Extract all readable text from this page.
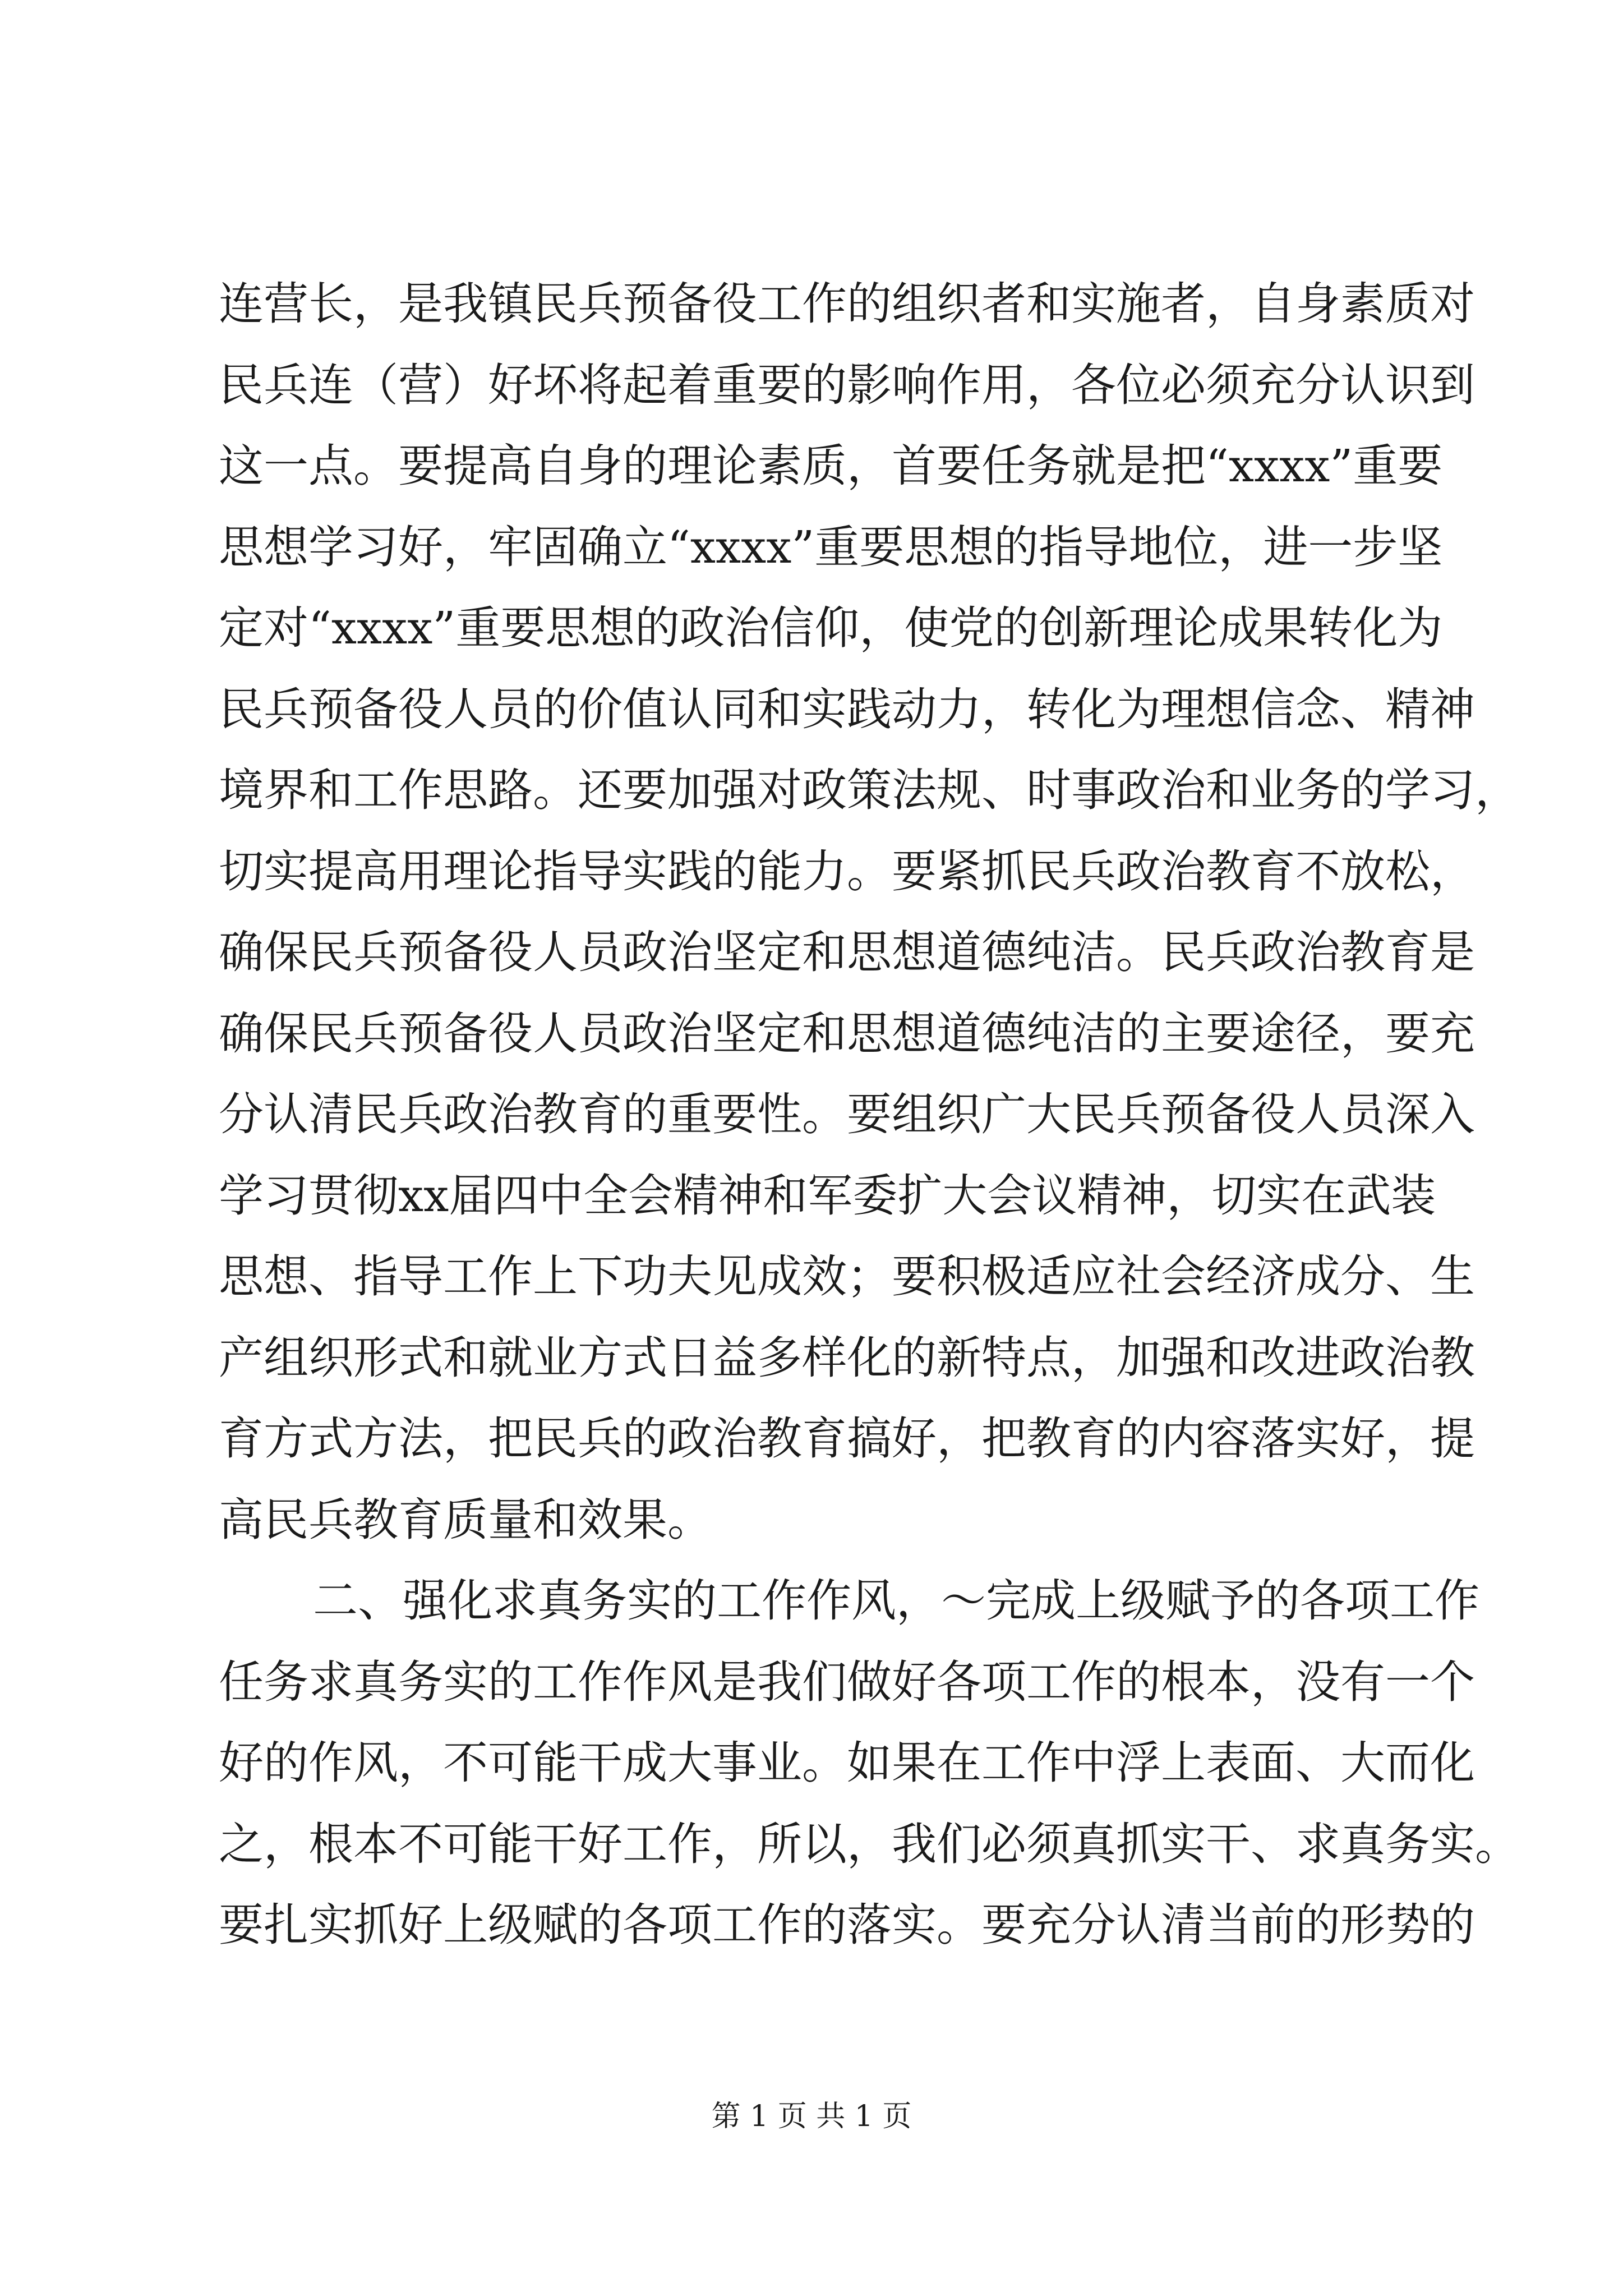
连营长，是我镇民兵预备役工作的组织者和实施者，自身素质对
民兵连（营）好坏将起着重要的影响作用，各位必须充分认识到
这一点。要提高自身的理论素质，首要任务就是把“xxxx”重要
思想学习好，牢固确立“xxxx”重要思想的指导地位，进一步坚
定对“xxxx”重要思想的政治信仰，使党的创新理论成果转化为
民兵预备役人员的价值认同和实践动力，转化为理想信念、精神
境界和工作思路。还要加强对政策法规、时事政治和业务的学习，
切实提高用理论指导实践的能力。要紧抓民兵政治教育不放松，
确保民兵预备役人员政治坚定和思想道德纯洁。民兵政治教育是
确保民兵预备役人员政治坚定和思想道德纯洁的主要途径，要充
分认清民兵政治教育的重要性。要组织广大民兵预备役人员深入
学习贯彻xx届四中全会精神和军委扩大会议精神，切实在武装
思想、指导工作上下功夫见成效；要积极适应社会经济成分、生
产组织形式和就业方式日益多样化的新特点，加强和改进政治教
育方式方法，把民兵的政治教育搞好，把教育的内容落实好，提
高民兵教育质量和效果。
二、强化求真务实的工作作风，～完成上级赋予的各项工作
任务求真务实的工作作风是我们做好各项工作的根本，没有一个
好的作风，不可能干成大事业。如果在工作中浮上表面、大而化
之，根本不可能干好工作，所以，我们必须真抓实干、求真务实。
要扎实抓好上级赋的各项工作的落实。要充分认清当前的形势的
第 1 页 共 1 页
